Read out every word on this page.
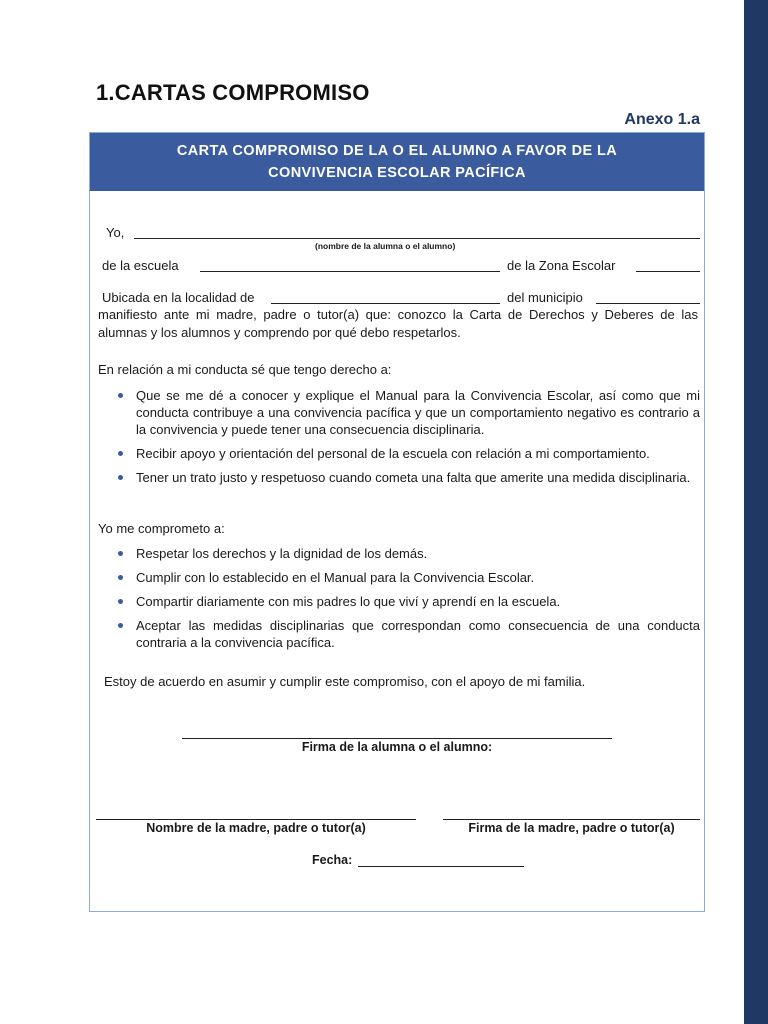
1.CARTAS COMPROMISO
Anexo 1.a
CARTA COMPROMISO DE LA O EL ALUMNO A FAVOR DE LA
CONVIVENCIA ESCOLAR PACÍFICA
Yo,
(nombre de la alumna o el alumno)
de la escuela	de la Zona Escolar
Ubicada en la localidad de	del municipio
manifiesto ante mi madre, padre o tutor(a) que: conozco la Carta de Derechos y Deberes de las alumnas y los alumnos y comprendo por qué debo respetarlos.
En relación a mi conducta sé que tengo derecho a:
Que se me dé a conocer y explique el Manual para la Convivencia Escolar, así como que mi conducta contribuye a una convivencia pacífica y que un comportamiento negativo es contrario a la convivencia y puede tener una consecuencia disciplinaria.
Recibir apoyo y orientación del personal de la escuela con relación a mi comportamiento.
Tener un trato justo y respetuoso cuando cometa una falta que amerite una medida disciplinaria.
Yo me comprometo a:
Respetar los derechos y la dignidad de los demás.
Cumplir con lo establecido en el Manual para la Convivencia Escolar.
Compartir diariamente con mis padres lo que viví y aprendí en la escuela.
Aceptar las medidas disciplinarias que correspondan como consecuencia de una conducta contraria a la convivencia pacífica.
Estoy de acuerdo en asumir y cumplir este compromiso, con el apoyo de mi familia.
Firma de la alumna o el alumno:
Nombre de la madre, padre o tutor(a)	Firma de la madre, padre o tutor(a)
Fecha:
